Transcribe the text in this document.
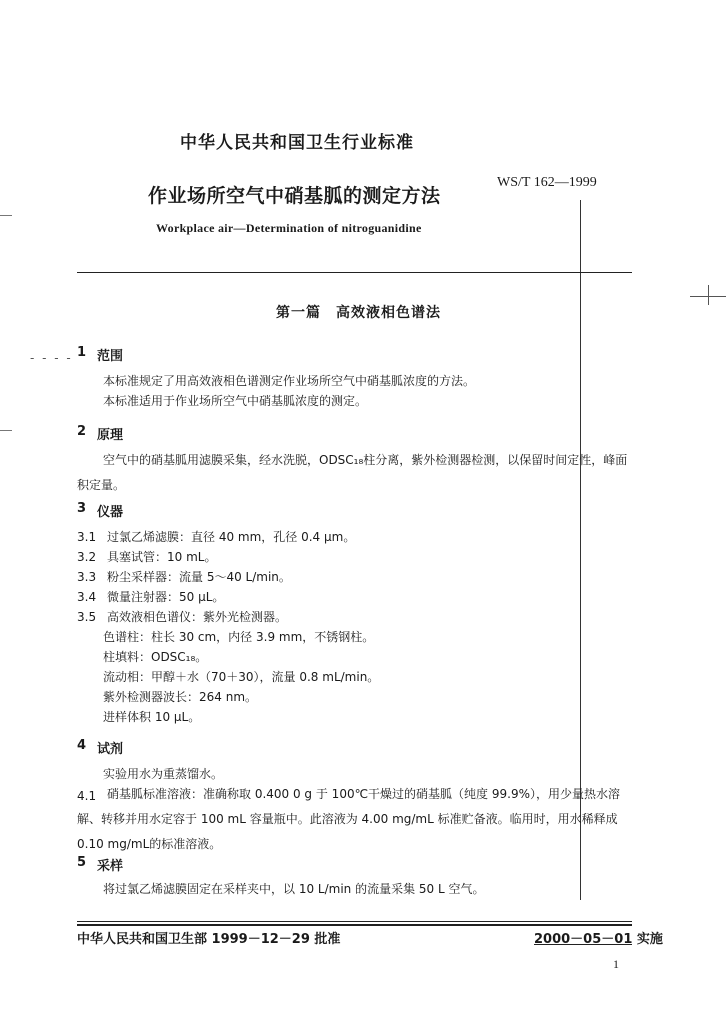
- - - -
中华人民共和国卫生行业标准
作业场所空气中硝基胍的测定方法
WS/T 162—1999
Workplace air—Determination of nitroguanidine
第一篇　高效液相色谱法
1 范围
本标准规定了用高效液相色谱测定作业场所空气中硝基胍浓度的方法。
本标准适用于作业场所空气中硝基胍浓度的测定。
2 原理
空气中的硝基胍用滤膜采集，经水洗脱，ODSC₁₈柱分离，紫外检测器检测，以保留时间定性，峰面积定量。
3 仪器
3.1 过氯乙烯滤膜：直径 40 mm，孔径 0.4 μm。
3.2 具塞试管：10 mL。
3.3 粉尘采样器：流量 5～40 L/min。
3.4 微量注射器：50 μL。
3.5 高效液相色谱仪：紫外光检测器。
色谱柱：柱长 30 cm，内径 3.9 mm，不锈钢柱。
柱填料：ODSC₁₈。
流动相：甲醇＋水（70＋30），流量 0.8 mL/min。
紫外检测器波长：264 nm。
进样体积 10 μL。
4 试剂
实验用水为重蒸馏水。
4.1 硝基胍标准溶液：准确称取 0.400 0 g 于 100℃干燥过的硝基胍（纯度 99.9%），用少量热水溶解、转移并用水定容于 100 mL 容量瓶中。此溶液为 4.00 mg/mL 标准贮备液。临用时，用水稀释成 0.10 mg/mL的标准溶液。
5 采样
将过氯乙烯滤膜固定在采样夹中，以 10 L/min 的流量采集 50 L 空气。
中华人民共和国卫生部 1999－12－29 批准	2000－05－01 实施
1
